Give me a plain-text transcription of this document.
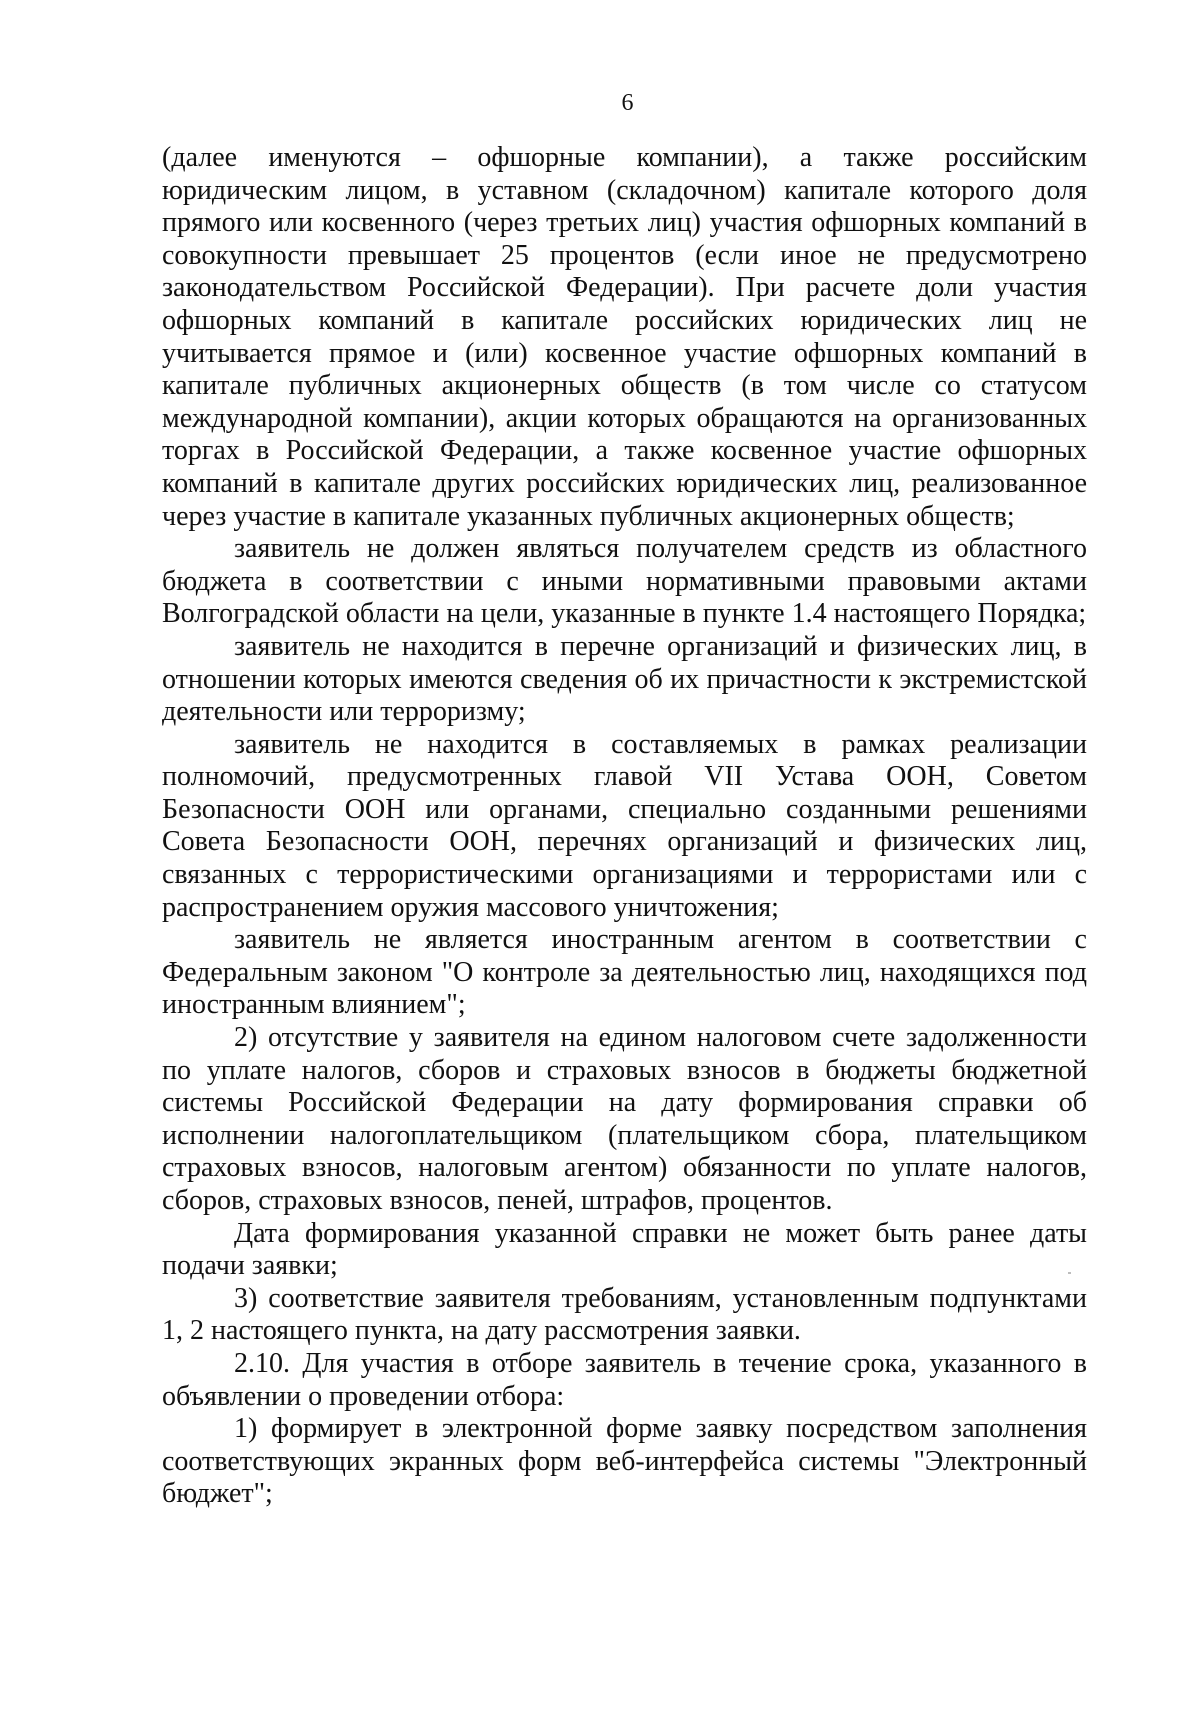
6

(далее именуются – офшорные компании), а также российским юридическим лицом, в уставном (складочном) капитале которого доля прямого или косвенного (через третьих лиц) участия офшорных компаний в совокупности превышает 25 процентов (если иное не предусмотрено законодательством Российской Федерации). При расчете доли участия офшорных компаний в капитале российских юридических лиц не учитывается прямое и (или) косвенное участие офшорных компаний в капитале публичных акционерных обществ (в том числе со статусом международной компании), акции которых обращаются на организованных торгах в Российской Федерации, а также косвенное участие офшорных компаний в капитале других российских юридических лиц, реализованное через участие в капитале указанных публичных акционерных обществ;

заявитель не должен являться получателем средств из областного бюджета в соответствии с иными нормативными правовыми актами Волгоградской области на цели, указанные в пункте 1.4 настоящего Порядка;

заявитель не находится в перечне организаций и физических лиц, в отношении которых имеются сведения об их причастности к экстремистской деятельности или терроризму;

заявитель не находится в составляемых в рамках реализации полномочий, предусмотренных главой VII Устава ООН, Советом Безопасности ООН или органами, специально созданными решениями Совета Безопасности ООН, перечнях организаций и физических лиц, связанных с террористическими организациями и террористами или с распространением оружия массового уничтожения;

заявитель не является иностранным агентом в соответствии с Федеральным законом "О контроле за деятельностью лиц, находящихся под иностранным влиянием";

2) отсутствие у заявителя на едином налоговом счете задолженности по уплате налогов, сборов и страховых взносов в бюджеты бюджетной системы Российской Федерации на дату формирования справки об исполнении налогоплательщиком (плательщиком сбора, плательщиком страховых взносов, налоговым агентом) обязанности по уплате налогов, сборов, страховых взносов, пеней, штрафов, процентов.

Дата формирования указанной справки не может быть ранее даты подачи заявки;

3) соответствие заявителя требованиям, установленным подпунктами 1, 2 настоящего пункта, на дату рассмотрения заявки.

2.10. Для участия в отборе заявитель в течение срока, указанного в объявлении о проведении отбора:

1) формирует в электронной форме заявку посредством заполнения соответствующих экранных форм веб-интерфейса системы "Электронный бюджет";
